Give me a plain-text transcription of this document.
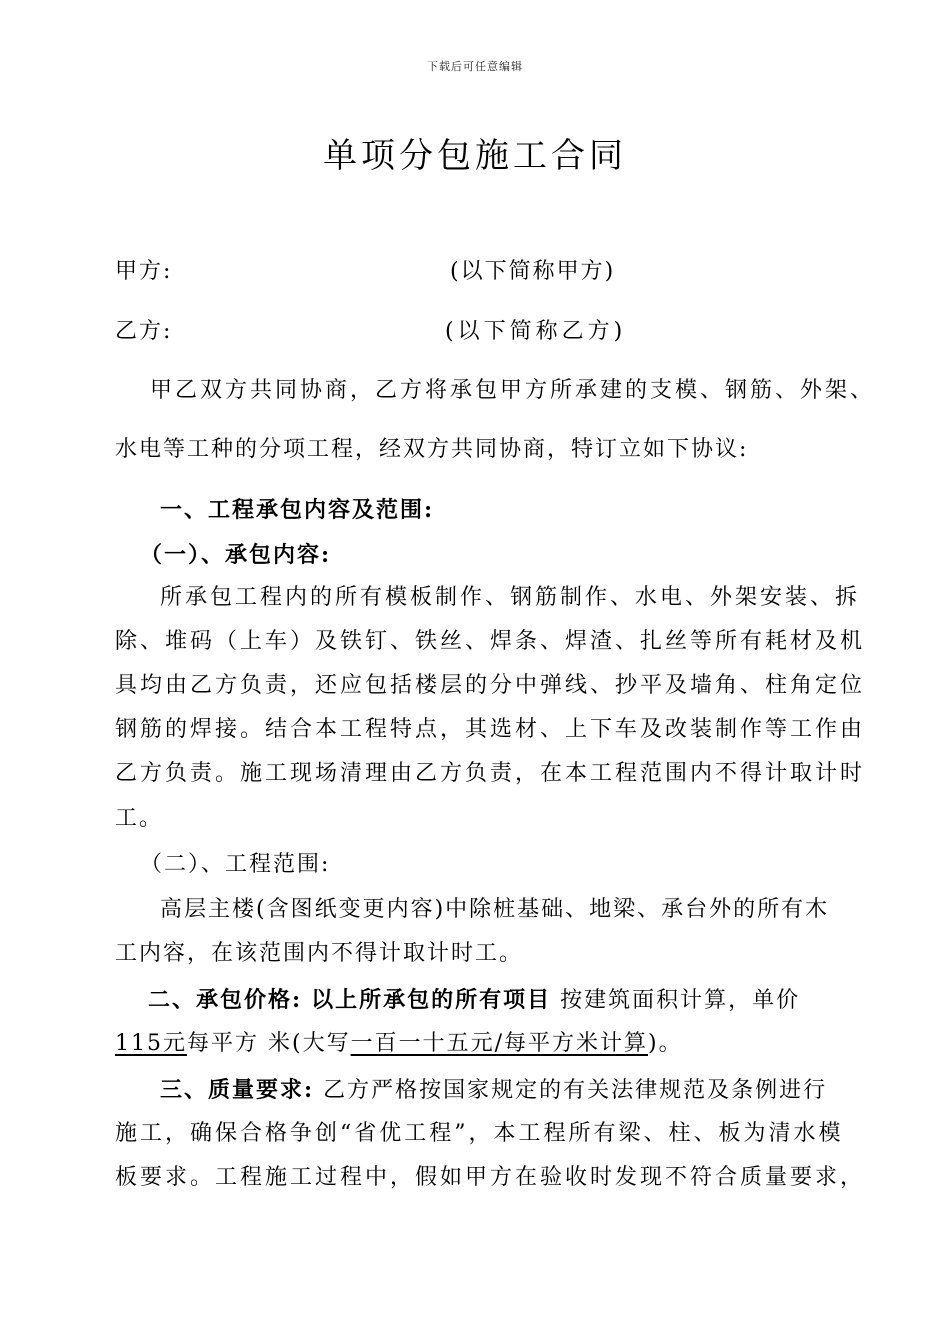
下载后可任意编辑
单项分包施工合同
甲方:	(以下简称甲方)
乙方:	(以下简称乙方)
甲乙双方共同协商，乙方将承包甲方所承建的支模、钢筋、外架、
水电等工种的分项工程，经双方共同协商，特订立如下协议:
一、工程承包内容及范围:
（一）、承包内容:
所承包工程内的所有模板制作、钢筋制作、水电、外架安装、拆
除、堆码（上车）及铁钉、铁丝、焊条、焊渣、扎丝等所有耗材及机
具均由乙方负责，还应包括楼层的分中弹线、抄平及墙角、柱角定位
钢筋的焊接。结合本工程特点，其选材、上下车及改装制作等工作由
乙方负责。施工现场清理由乙方负责，在本工程范围内不得计取计时
工。
（二）、工程范围:
高层主楼(含图纸变更内容)中除桩基础、地梁、承台外的所有木
工内容，在该范围内不得计取计时工。
二、承包价格: 以上所承包的所有项目 按建筑面积计算，单价
115元每平方 米(大写一百一十五元/每平方米计算)。
三、质量要求: 乙方严格按国家规定的有关法律规范及条例进行
施工，确保合格争创“省优工程”，本工程所有梁、柱、板为清水模
板要求。工程施工过程中，假如甲方在验收时发现不符合质量要求，
